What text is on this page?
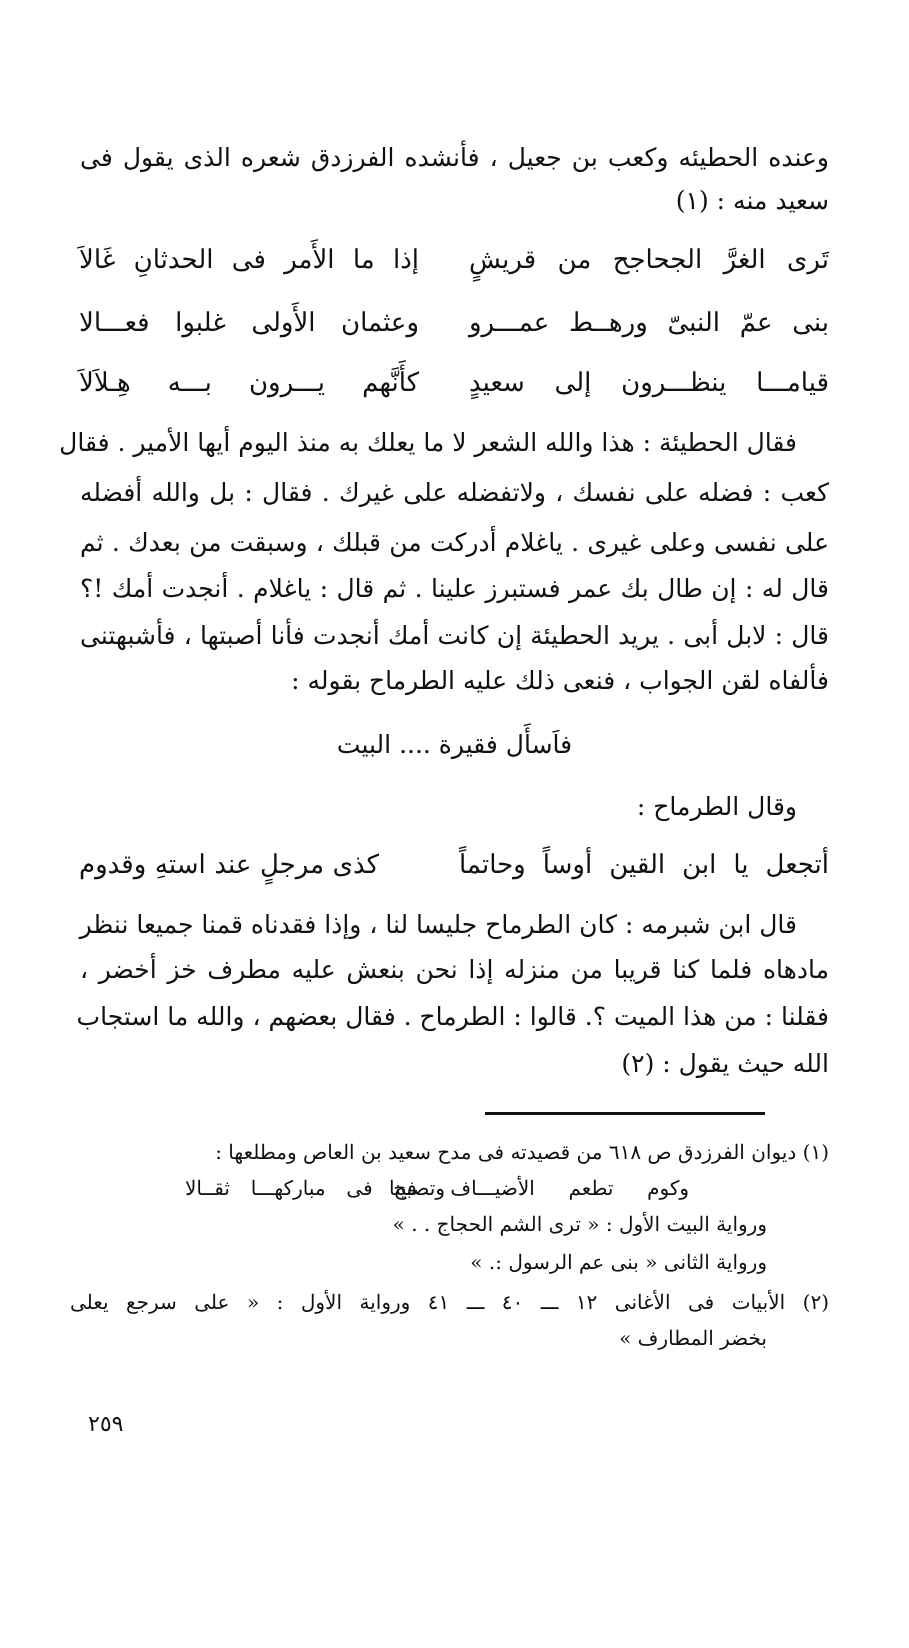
وعنده الحطيئه وكعب بن جعيل ، فأنشده الفرزدق شعره الذى يقول فى
سعيد منه : (١)
تَرى الغرَّ الجحاجح من قريشٍ
إذا ما الأَمر فى الحدثانِ غَالاَ
بنى عمّ النبىّ ورهــط عمـــرو
وعثمان الأَولى غلبوا فعـــالا
قيامـــا ينظـــرون إلى سعيدٍ
كأَنَّهم يـــرون بـــه هِـلاَلاَ
فقال الحطيئة : هذا والله الشعر لا ما يعلك به منذ اليوم أيها الأمير . فقال
كعب : فضله على نفسك ، ولاتفضله على غيرك . فقال : بل والله أفضله
على نفسى وعلى غيرى . ياغلام أدركت من قبلك ، وسبقت من بعدك . ثم
قال له : إن طال بك عمر فستبرز علينا . ثم قال : ياغلام . أنجدت أمك !؟
قال : لابل أبى . يريد الحطيئة إن كانت أمك أنجدت فأنا أصبتها ، فأشبهتنى
فألفاه لقن الجواب ، فنعى ذلك عليه الطرماح بقوله :
فاَسأَل فقيرة .... البيت
وقال الطرماح :
أتجعل يا ابن القين أوساً وحاتماً
كذى مرجلٍ عند استهِ وقدوم
قال ابن شبرمه : كان الطرماح جليسا لنا ، وإذا فقدناه قمنا جميعا ننظر
مادهاه فلما كنا قريبا من منزله إذا نحن بنعش عليه مطرف خز أخضر ،
فقلنا : من هذا الميت ؟. قالوا : الطرماح . فقال بعضهم ، والله ما استجاب
الله حيث يقول : (٢)
(١) ديوان الفرزدق ص ٦١٨ من قصيدته فى مدح سعيد بن العاص ومطلعها :
وكوم تطعم الأضيـــاف فينا
وتصبح فى مباركهـــا ثقــالا
ورواية البيت الأول : « ترى الشم الحجاج . . »
ورواية الثانى « بنى عم الرسول :. »
(٢) الأبيات فى الأغانى ١٢ ـــ ٤٠ ـــ ٤١ ورواية الأول : « على سرجع يعلى
بخضر المطارف »
٢٥٩
